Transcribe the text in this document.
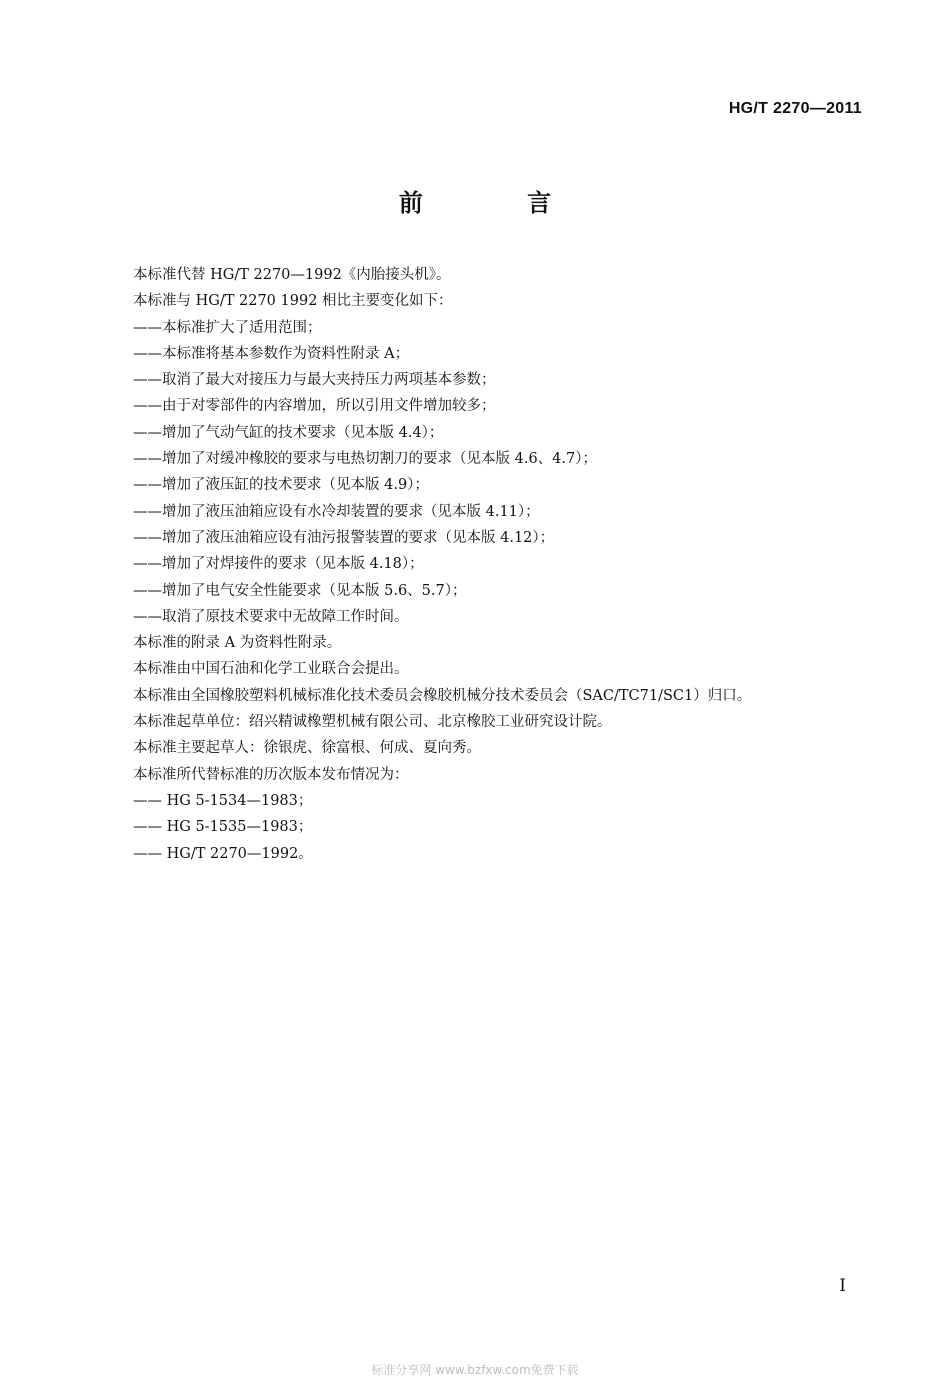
HG/T 2270—2011
前 言
本标准代替 HG/T 2270—1992《内胎接头机》。
本标准与 HG/T 2270 1992 相比主要变化如下：
——本标准扩大了适用范围；
——本标准将基本参数作为资料性附录 A；
——取消了最大对接压力与最大夹持压力两项基本参数；
——由于对零部件的内容增加，所以引用文件增加较多；
——增加了气动气缸的技术要求（见本版 4.4）；
——增加了对缓冲橡胶的要求与电热切割刀的要求（见本版 4.6、4.7）；
——增加了液压缸的技术要求（见本版 4.9）；
——增加了液压油箱应设有水冷却装置的要求（见本版 4.11）；
——增加了液压油箱应设有油污报警装置的要求（见本版 4.12）；
——增加了对焊接件的要求（见本版 4.18）；
——增加了电气安全性能要求（见本版 5.6、5.7）；
——取消了原技术要求中无故障工作时间。
本标准的附录 A 为资料性附录。
本标准由中国石油和化学工业联合会提出。
本标准由全国橡胶塑料机械标准化技术委员会橡胶机械分技术委员会（SAC/TC71/SC1）归口。
本标准起草单位：绍兴精诚橡塑机械有限公司、北京橡胶工业研究设计院。
本标准主要起草人：徐银虎、徐富根、何成、夏向秀。
本标准所代替标准的历次版本发布情况为：
—— HG 5-1534—1983；
—— HG 5-1535—1983；
—— HG/T 2270—1992。
I
标准分享网 www.bzfxw.com免费下载
